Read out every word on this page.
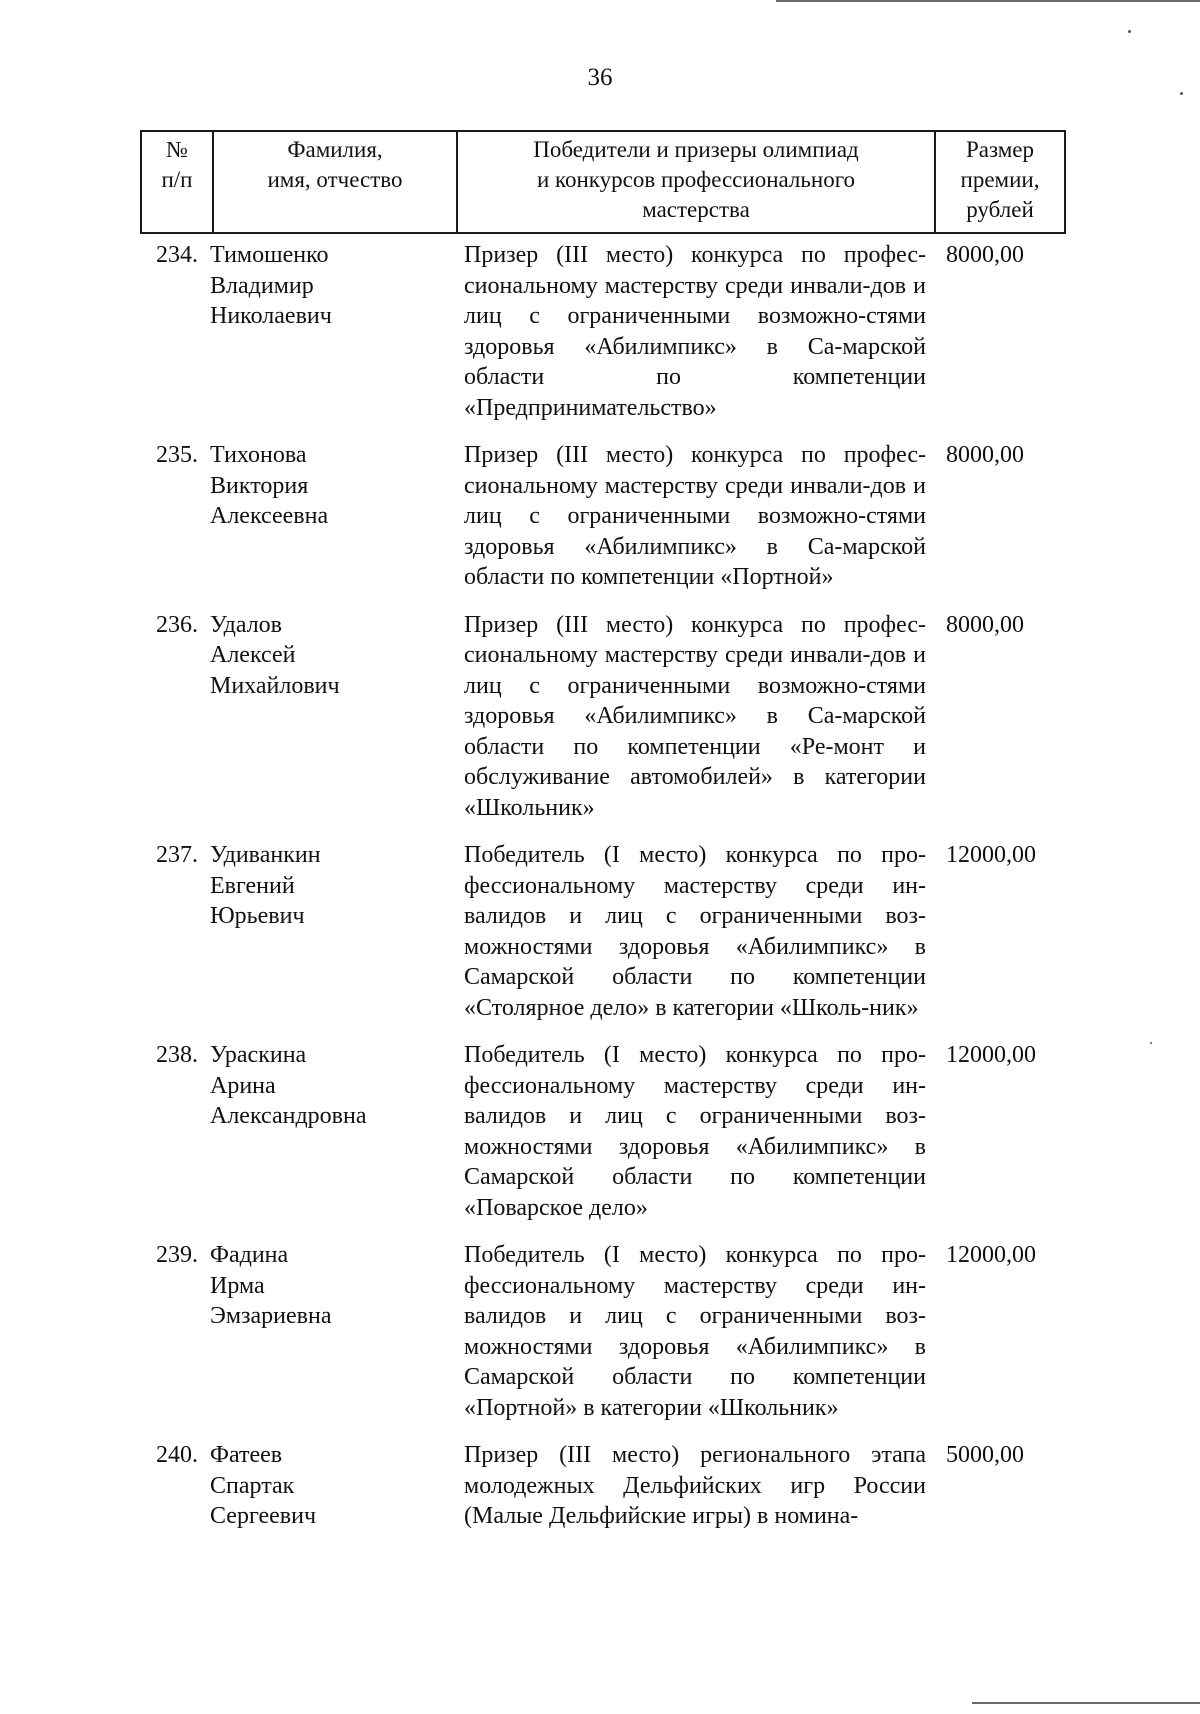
36
№
п/п
Фамилия,
имя, отчество
Победители и призеры олимпиад
и конкурсов профессионального
мастерства
Размер
премии,
рублей
234. Тимошенко
Владимир
Николаевич
Призер (III место) конкурса по профес-сиональному мастерству среди инвали-дов и лиц с ограниченными возможно-стями здоровья «Абилимпикс» в Са-марской области по компетенции «Предпринимательство»
8000,00
235. Тихонова
Виктория
Алексеевна
Призер (III место) конкурса по профес-сиональному мастерству среди инвали-дов и лиц с ограниченными возможно-стями здоровья «Абилимпикс» в Са-марской области по компетенции «Портной»
8000,00
236. Удалов
Алексей
Михайлович
Призер (III место) конкурса по профес-сиональному мастерству среди инвали-дов и лиц с ограниченными возможно-стями здоровья «Абилимпикс» в Са-марской области по компетенции «Ре-монт и обслуживание автомобилей» в категории «Школьник»
8000,00
237. Удиванкин
Евгений
Юрьевич
Победитель (I место) конкурса по про-фессиональному мастерству среди ин-валидов и лиц с ограниченными воз-можностями здоровья «Абилимпикс» в Самарской области по компетенции «Столярное дело» в категории «Школь-ник»
12000,00
238. Ураскина
Арина
Александровна
Победитель (I место) конкурса по про-фессиональному мастерству среди ин-валидов и лиц с ограниченными воз-можностями здоровья «Абилимпикс» в Самарской области по компетенции «Поварское дело»
12000,00
239. Фадина
Ирма
Эмзариевна
Победитель (I место) конкурса по про-фессиональному мастерству среди ин-валидов и лиц с ограниченными воз-можностями здоровья «Абилимпикс» в Самарской области по компетенции «Портной» в категории «Школьник»
12000,00
240. Фатеев
Спартак
Сергеевич
Призер (III место) регионального этапа молодежных Дельфийских игр России (Малые Дельфийские игры) в номина-
5000,00
